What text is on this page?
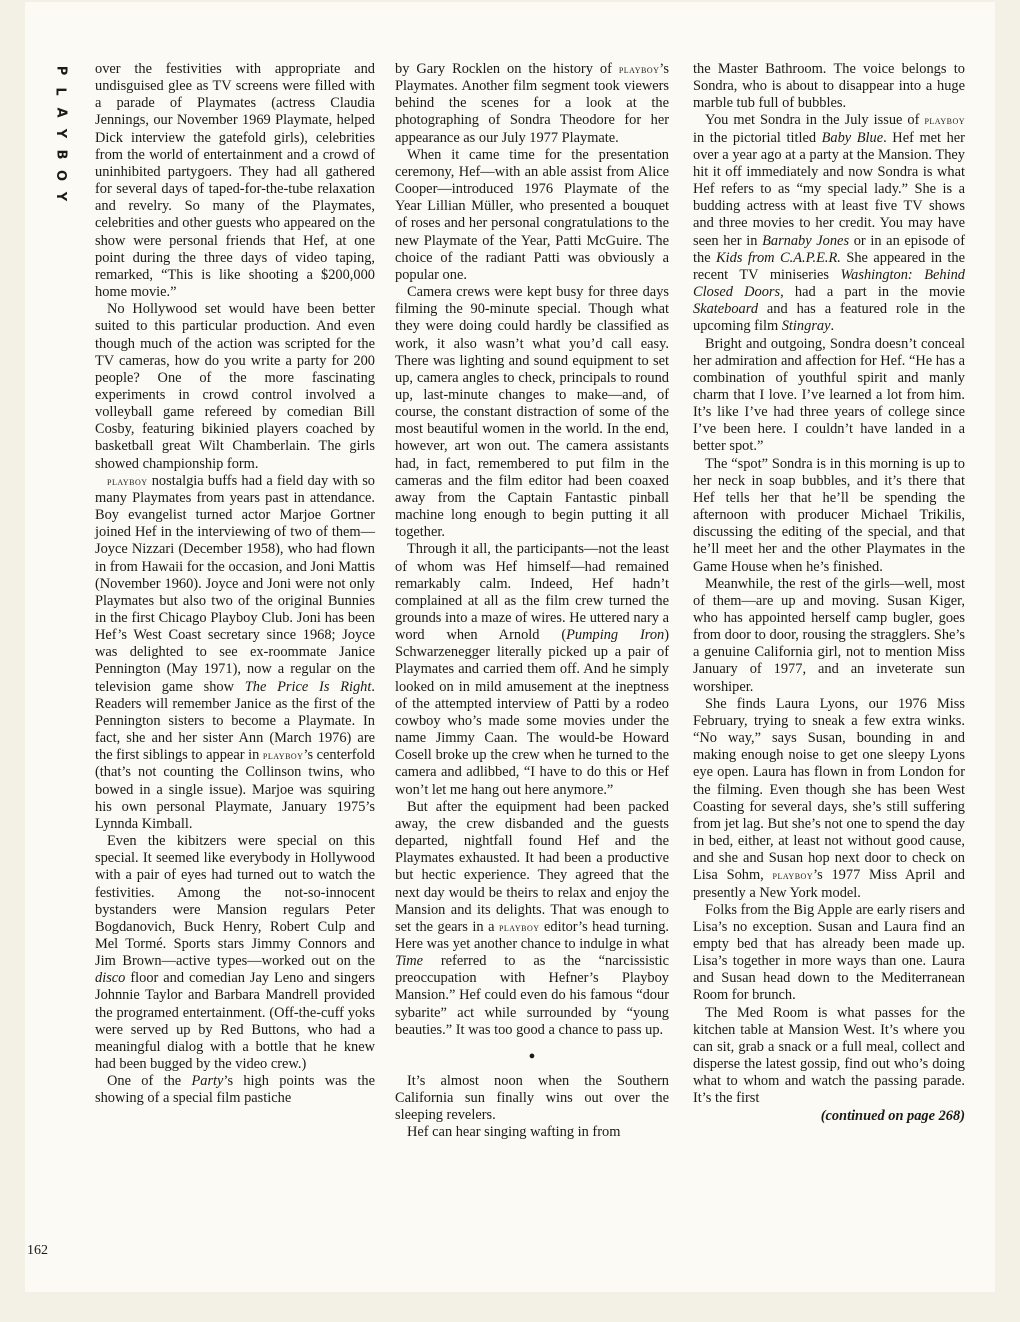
P
L
A
Y
B
O
Y
162

over the festivities with appropriate and undisguised glee as TV screens were filled with a parade of Playmates (actress Claudia Jennings, our November 1969 Playmate, helped Dick interview the gatefold girls), celebrities from the world of entertainment and a crowd of uninhibited partygoers. They had all gathered for several days of taped-for-the-tube relaxation and revelry. So many of the Playmates, celebrities and other guests who appeared on the show were personal friends that Hef, at one point during the three days of video taping, remarked, “This is like shooting a $200,000 home movie.”

No Hollywood set would have been better suited to this particular production. And even though much of the action was scripted for the TV cameras, how do you write a party for 200 people? One of the more fascinating experiments in crowd control involved a volleyball game refereed by comedian Bill Cosby, featuring bikinied players coached by basketball great Wilt Chamberlain. The girls showed championship form.

playboy nostalgia buffs had a field day with so many Playmates from years past in attendance. Boy evangelist turned actor Marjoe Gortner joined Hef in the interviewing of two of them—Joyce Nizzari (December 1958), who had flown in from Hawaii for the occasion, and Joni Mattis (November 1960). Joyce and Joni were not only Playmates but also two of the original Bunnies in the first Chicago Playboy Club. Joni has been Hef’s West Coast secretary since 1968; Joyce was delighted to see ex-roommate Janice Pennington (May 1971), now a regular on the television game show The Price Is Right. Readers will remember Janice as the first of the Pennington sisters to become a Playmate. In fact, she and her sister Ann (March 1976) are the first siblings to appear in playboy’s centerfold (that’s not counting the Collinson twins, who bowed in a single issue). Marjoe was squiring his own personal Playmate, January 1975’s Lynnda Kimball.

Even the kibitzers were special on this special. It seemed like everybody in Hollywood with a pair of eyes had turned out to watch the festivities. Among the not-so-innocent bystanders were Mansion regulars Peter Bogdanovich, Buck Henry, Robert Culp and Mel Tormé. Sports stars Jimmy Connors and Jim Brown—active types—worked out on the disco floor and comedian Jay Leno and singers Johnnie Taylor and Barbara Mandrell provided the programed entertainment. (Off-the-cuff yoks were served up by Red Buttons, who had a meaningful dialog with a bottle that he knew had been bugged by the video crew.)

One of the Party’s high points was the showing of a special film pastiche

by Gary Rocklen on the history of playboy’s Playmates. Another film segment took viewers behind the scenes for a look at the photographing of Sondra Theodore for her appearance as our July 1977 Playmate.

When it came time for the presentation ceremony, Hef—with an able assist from Alice Cooper—introduced 1976 Playmate of the Year Lillian Müller, who presented a bouquet of roses and her personal congratulations to the new Playmate of the Year, Patti McGuire. The choice of the radiant Patti was obviously a popular one.

Camera crews were kept busy for three days filming the 90-minute special. Though what they were doing could hardly be classified as work, it also wasn’t what you’d call easy. There was lighting and sound equipment to set up, camera angles to check, principals to round up, last-minute changes to make—and, of course, the constant distraction of some of the most beautiful women in the world. In the end, however, art won out. The camera assistants had, in fact, remembered to put film in the cameras and the film editor had been coaxed away from the Captain Fantastic pinball machine long enough to begin putting it all together.

Through it all, the participants—not the least of whom was Hef himself—had remained remarkably calm. Indeed, Hef hadn’t complained at all as the film crew turned the grounds into a maze of wires. He uttered nary a word when Arnold (Pumping Iron) Schwarzenegger literally picked up a pair of Playmates and carried them off. And he simply looked on in mild amusement at the ineptness of the attempted interview of Patti by a rodeo cowboy who’s made some movies under the name Jimmy Caan. The would-be Howard Cosell broke up the crew when he turned to the camera and adlibbed, “I have to do this or Hef won’t let me hang out here anymore.”

But after the equipment had been packed away, the crew disbanded and the guests departed, nightfall found Hef and the Playmates exhausted. It had been a productive but hectic experience. They agreed that the next day would be theirs to relax and enjoy the Mansion and its delights. That was enough to set the gears in a playboy editor’s head turning. Here was yet another chance to indulge in what Time referred to as the “narcissistic preoccupation with Hefner’s Playboy Mansion.” Hef could even do his famous “dour sybarite” act while surrounded by “young beauties.” It was too good a chance to pass up.

●

It’s almost noon when the Southern California sun finally wins out over the sleeping revelers.

Hef can hear singing wafting in from

the Master Bathroom. The voice belongs to Sondra, who is about to disappear into a huge marble tub full of bubbles.

You met Sondra in the July issue of playboy in the pictorial titled Baby Blue. Hef met her over a year ago at a party at the Mansion. They hit it off immediately and now Sondra is what Hef refers to as “my special lady.” She is a budding actress with at least five TV shows and three movies to her credit. You may have seen her in Barnaby Jones or in an episode of the Kids from C.A.P.E.R. She appeared in the recent TV miniseries Washington: Behind Closed Doors, had a part in the movie Skateboard and has a featured role in the upcoming film Stingray.

Bright and outgoing, Sondra doesn’t conceal her admiration and affection for Hef. “He has a combination of youthful spirit and manly charm that I love. I’ve learned a lot from him. It’s like I’ve had three years of college since I’ve been here. I couldn’t have landed in a better spot.”

The “spot” Sondra is in this morning is up to her neck in soap bubbles, and it’s there that Hef tells her that he’ll be spending the afternoon with producer Michael Trikilis, discussing the editing of the special, and that he’ll meet her and the other Playmates in the Game House when he’s finished.

Meanwhile, the rest of the girls—well, most of them—are up and moving. Susan Kiger, who has appointed herself camp bugler, goes from door to door, rousing the stragglers. She’s a genuine California girl, not to mention Miss January of 1977, and an inveterate sun worshiper.

She finds Laura Lyons, our 1976 Miss February, trying to sneak a few extra winks. “No way,” says Susan, bounding in and making enough noise to get one sleepy Lyons eye open. Laura has flown in from London for the filming. Even though she has been West Coasting for several days, she’s still suffering from jet lag. But she’s not one to spend the day in bed, either, at least not without good cause, and she and Susan hop next door to check on Lisa Sohm, playboy’s 1977 Miss April and presently a New York model.

Folks from the Big Apple are early risers and Lisa’s no exception. Susan and Laura find an empty bed that has already been made up. Lisa’s together in more ways than one. Laura and Susan head down to the Mediterranean Room for brunch.

The Med Room is what passes for the kitchen table at Mansion West. It’s where you can sit, grab a snack or a full meal, collect and disperse the latest gossip, find out who’s doing what to whom and watch the passing parade. It’s the first

(continued on page 268)
